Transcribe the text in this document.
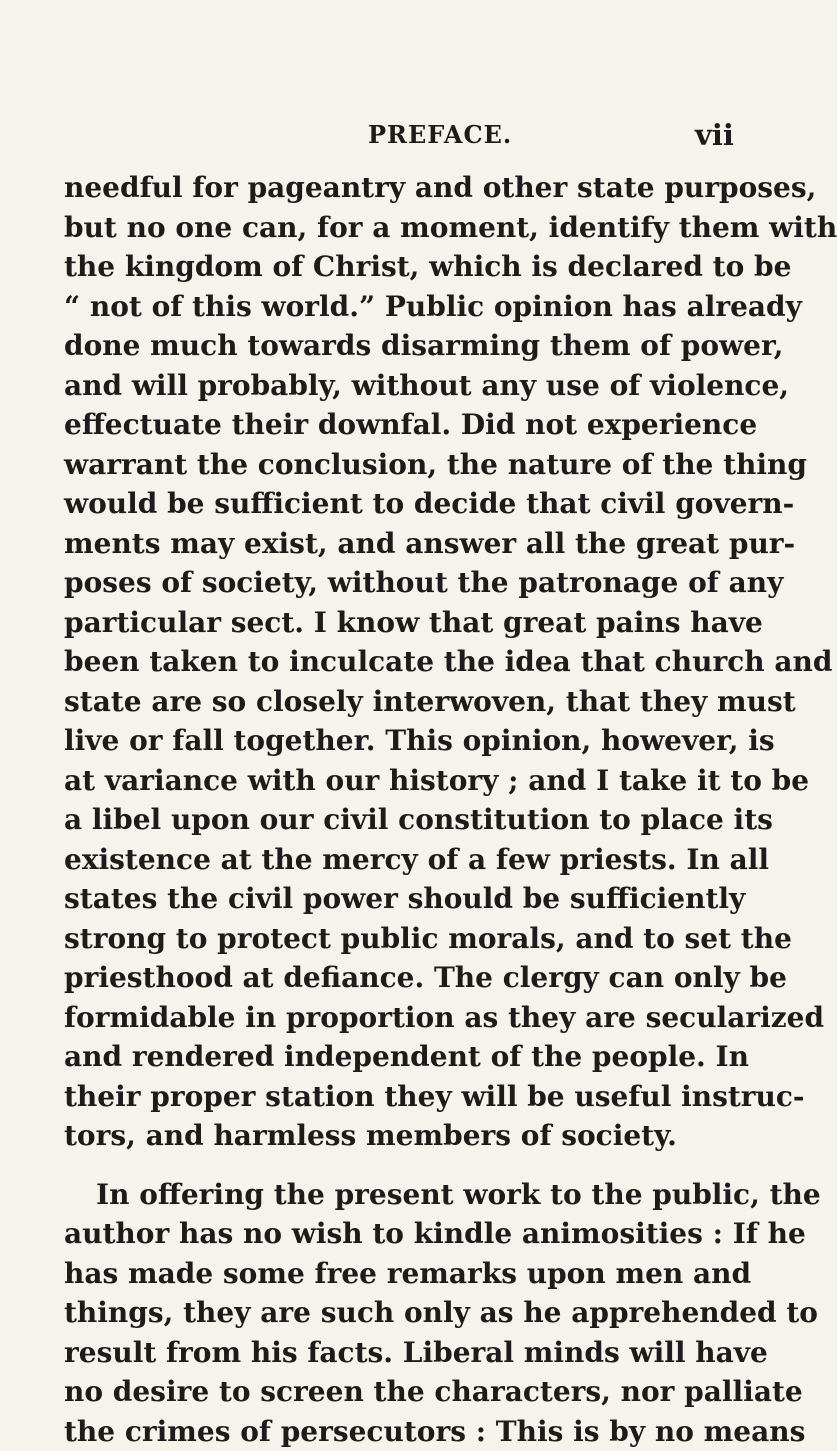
PREFACE.	vii
needful for pageantry and other state purposes,
but no one can, for a moment, identify them with
the kingdom of Christ, which is declared to be
“ not of this world.” Public opinion has already
done much towards disarming them of power,
and will probably, without any use of violence,
effectuate their downfal. Did not experience
warrant the conclusion, the nature of the thing
would be sufficient to decide that civil govern-
ments may exist, and answer all the great pur-
poses of society, without the patronage of any
particular sect. I know that great pains have
been taken to inculcate the idea that church and
state are so closely interwoven, that they must
live or fall together. This opinion, however, is
at variance with our history ; and I take it to be
a libel upon our civil constitution to place its
existence at the mercy of a few priests. In all
states the civil power should be sufficiently
strong to protect public morals, and to set the
priesthood at defiance. The clergy can only be
formidable in proportion as they are secularized
and rendered independent of the people. In
their proper station they will be useful instruc-
tors, and harmless members of society.
In offering the present work to the public, the
author has no wish to kindle animosities : If he
has made some free remarks upon men and
things, they are such only as he apprehended to
result from his facts. Liberal minds will have
no desire to screen the characters, nor palliate
the crimes of persecutors : This is by no means
